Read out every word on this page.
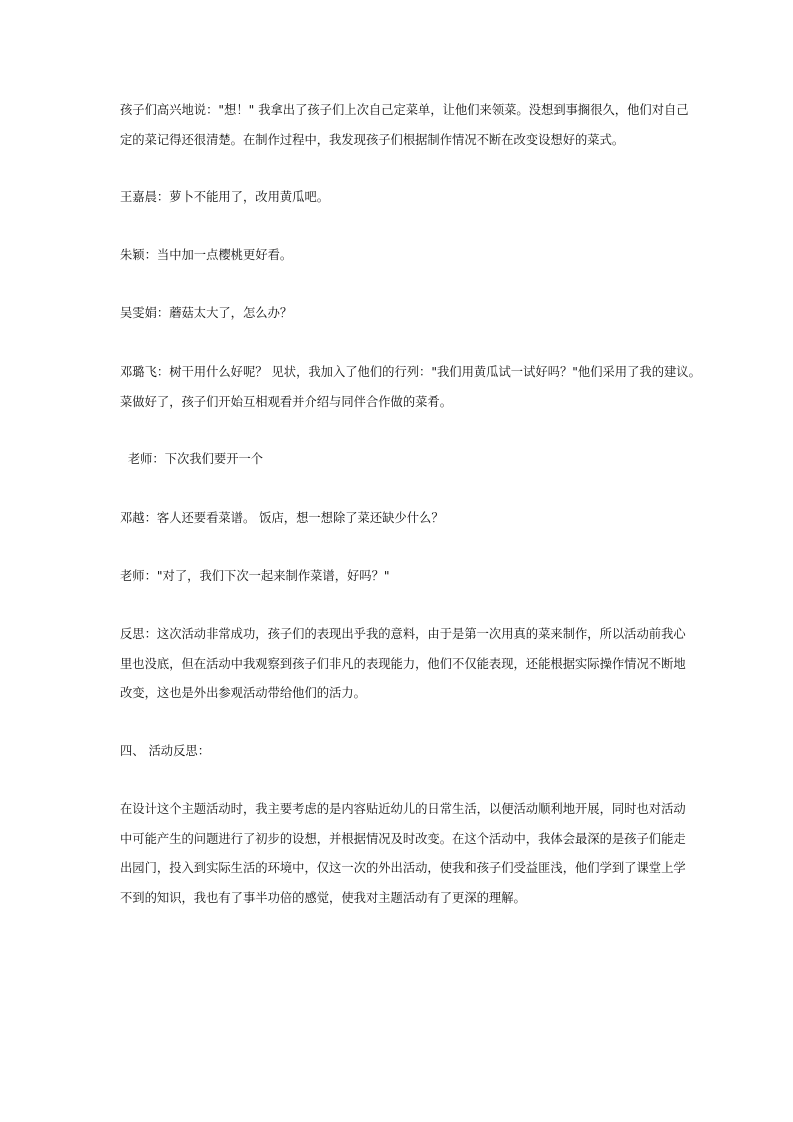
孩子们高兴地说："想！" 我拿出了孩子们上次自己定菜单，让他们来领菜。没想到事搁很久，他们对自己
定的菜记得还很清楚。在制作过程中，我发现孩子们根据制作情况不断在改变设想好的菜式。
王嘉晨：萝卜不能用了，改用黄瓜吧。
朱颖：当中加一点樱桃更好看。
吴雯娟：蘑菇太大了，怎么办？
邓璐飞：树干用什么好呢？ 见状，我加入了他们的行列："我们用黄瓜试一试好吗？"他们采用了我的建议。
菜做好了，孩子们开始互相观看并介绍与同伴合作做的菜肴。
老师：下次我们要开一个
邓越：客人还要看菜谱。 饭店，想一想除了菜还缺少什么？
老师："对了，我们下次一起来制作菜谱，好吗？"
反思：这次活动非常成功，孩子们的表现出乎我的意料，由于是第一次用真的菜来制作，所以活动前我心
里也没底，但在活动中我观察到孩子们非凡的表现能力，他们不仅能表现，还能根据实际操作情况不断地
改变，这也是外出参观活动带给他们的活力。
四、 活动反思：
在设计这个主题活动时，我主要考虑的是内容贴近幼儿的日常生活，以便活动顺利地开展，同时也对活动
中可能产生的问题进行了初步的设想，并根据情况及时改变。在这个活动中，我体会最深的是孩子们能走
出园门，投入到实际生活的环境中，仅这一次的外出活动，使我和孩子们受益匪浅，他们学到了课堂上学
不到的知识，我也有了事半功倍的感觉，使我对主题活动有了更深的理解。
